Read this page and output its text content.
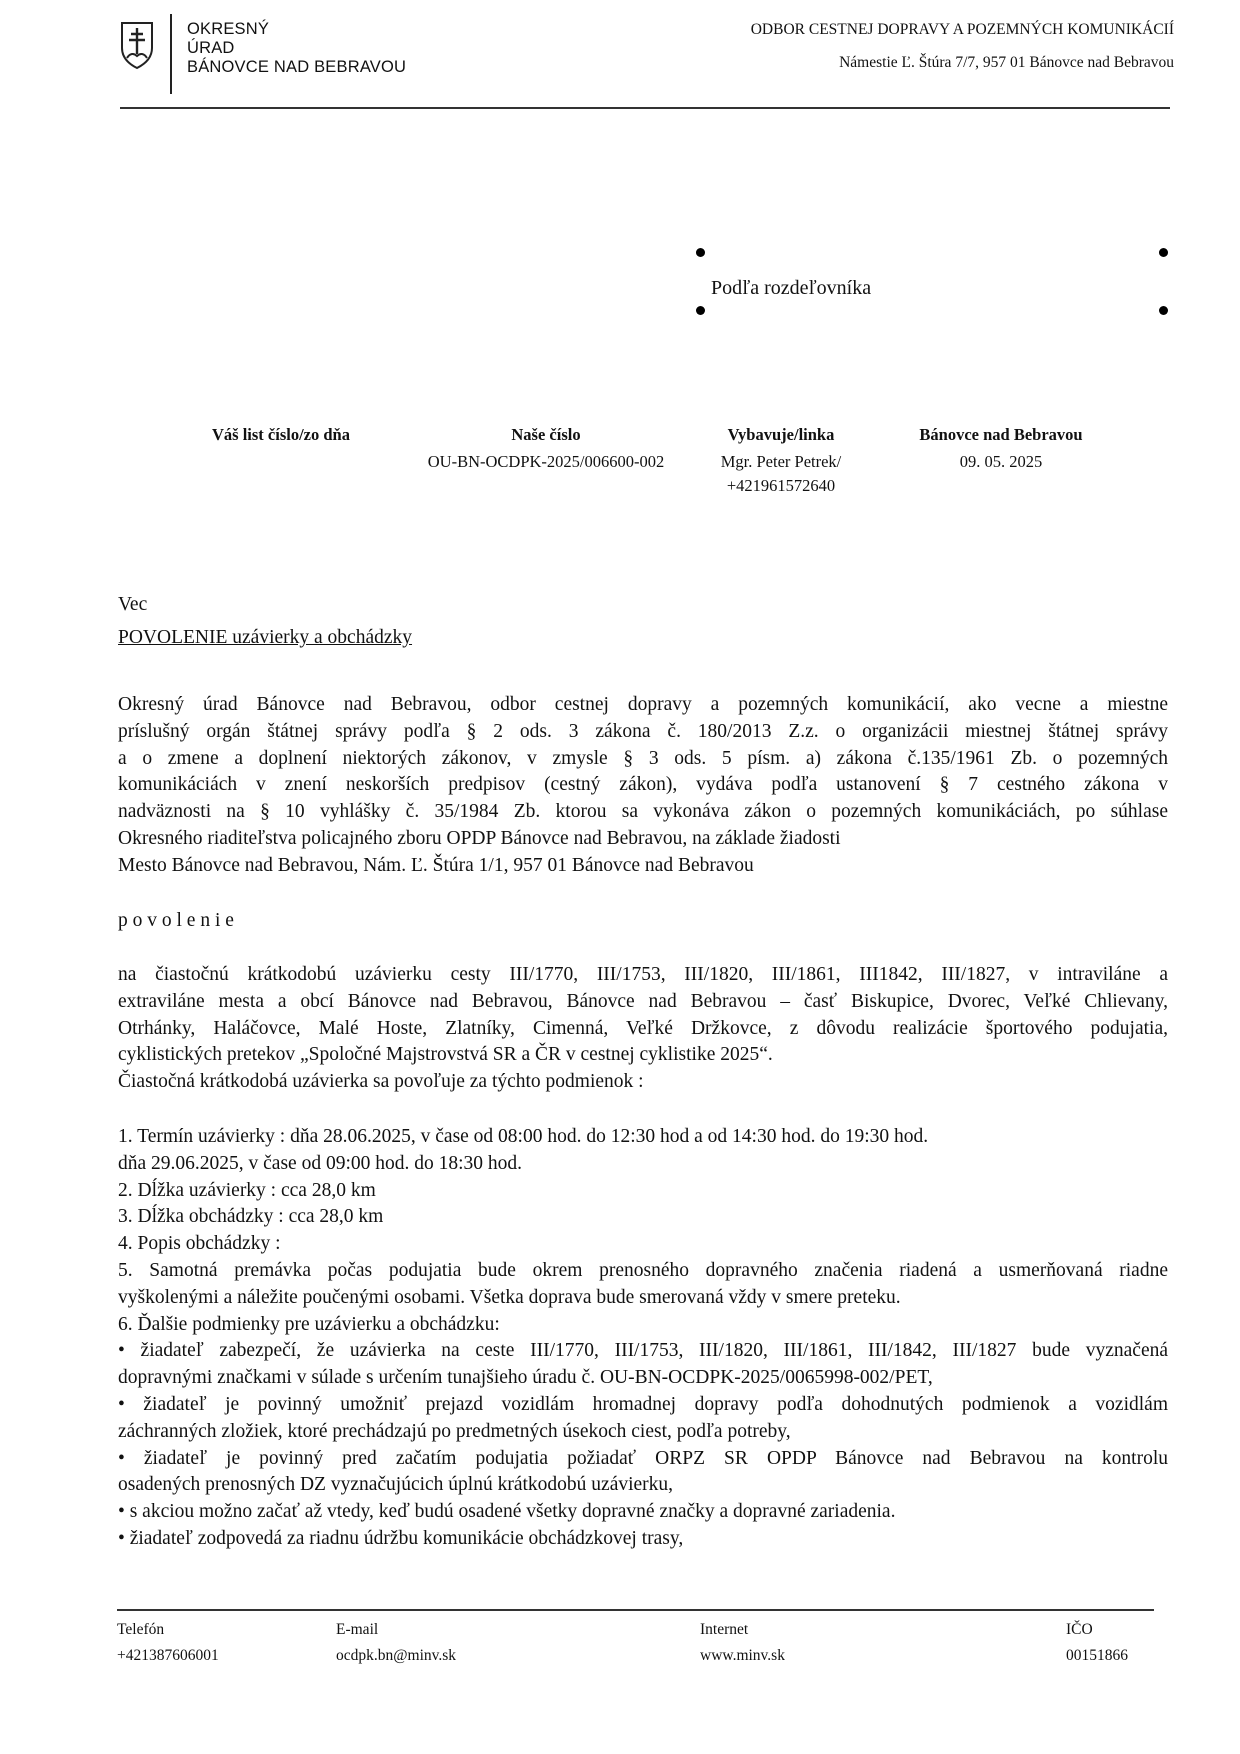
OKRESNÝ
ÚRAD
BÁNOVCE NAD BEBRAVOU
ODBOR CESTNEJ DOPRAVY A POZEMNÝCH KOMUNIKÁCIÍ
Námestie Ľ. Štúra 7/7, 957 01 Bánovce nad Bebravou
Podľa rozdeľovníka
Váš list číslo/zo dňa	Naše číslo
OU-BN-OCDPK-2025/006600-002
Vybavuje/linka
Mgr. Peter Petrek/
+421961572640
Bánovce nad Bebravou
09. 05. 2025
Vec
POVOLENIE uzávierky a obchádzky
Okresný úrad Bánovce nad Bebravou, odbor cestnej dopravy a pozemných komunikácií, ako vecne a miestne
príslušný orgán štátnej správy podľa § 2 ods. 3 zákona č. 180/2013 Z.z. o organizácii miestnej štátnej správy
a o zmene a doplnení niektorých zákonov, v zmysle § 3 ods. 5 písm. a) zákona č.135/1961 Zb. o pozemných
komunikáciách v znení neskorších predpisov (cestný zákon), vydáva podľa ustanovení § 7 cestného zákona v
nadväznosti na § 10 vyhlášky č. 35/1984 Zb. ktorou sa vykonáva zákon o pozemných komunikáciách, po súhlase
Okresného riaditeľstva policajného zboru OPDP Bánovce nad Bebravou, na základe žiadosti
Mesto Bánovce nad Bebravou, Nám. Ľ. Štúra 1/1, 957 01 Bánovce nad Bebravou
p o v o l e n i e
na čiastočnú krátkodobú uzávierku cesty III/1770, III/1753, III/1820, III/1861, III1842, III/1827, v intraviláne a
extraviláne mesta a obcí Bánovce nad Bebravou, Bánovce nad Bebravou – časť Biskupice, Dvorec, Veľké Chlievany,
Otrhánky, Haláčovce, Malé Hoste, Zlatníky, Cimenná, Veľké Držkovce, z dôvodu realizácie športového podujatia,
cyklistických pretekov „Spoločné Majstrovstvá SR a ČR v cestnej cyklistike 2025“.
Čiastočná krátkodobá uzávierka sa povoľuje za týchto podmienok :
1. Termín uzávierky : dňa 28.06.2025, v čase od 08:00 hod. do 12:30 hod a od 14:30 hod. do 19:30 hod.
dňa 29.06.2025, v čase od 09:00 hod. do 18:30 hod.
2. Dĺžka uzávierky : cca 28,0 km
3. Dĺžka obchádzky : cca 28,0 km
4. Popis obchádzky :
5. Samotná premávka počas podujatia bude okrem prenosného dopravného značenia riadená a usmerňovaná riadne
vyškolenými a náležite poučenými osobami. Všetka doprava bude smerovaná vždy v smere preteku.
6. Ďalšie podmienky pre uzávierku a obchádzku:
• žiadateľ zabezpečí, že uzávierka na ceste III/1770, III/1753, III/1820, III/1861, III/1842, III/1827 bude vyznačená
dopravnými značkami v súlade s určením tunajšieho úradu č. OU-BN-OCDPK-2025/0065998-002/PET,
• žiadateľ je povinný umožniť prejazd vozidlám hromadnej dopravy podľa dohodnutých podmienok a vozidlám
záchranných zložiek, ktoré prechádzajú po predmetných úsekoch ciest, podľa potreby,
• žiadateľ je povinný pred začatím podujatia požiadať ORPZ SR OPDP Bánovce nad Bebravou na kontrolu
osadených prenosných DZ vyznačujúcich úplnú krátkodobú uzávierku,
• s akciou možno začať až vtedy, keď budú osadené všetky dopravné značky a dopravné zariadenia.
• žiadateľ zodpovedá za riadnu údržbu komunikácie obchádzkovej trasy,
Telefón
+421387606001
E-mail
ocdpk.bn@minv.sk
Internet
www.minv.sk
IČO
00151866
